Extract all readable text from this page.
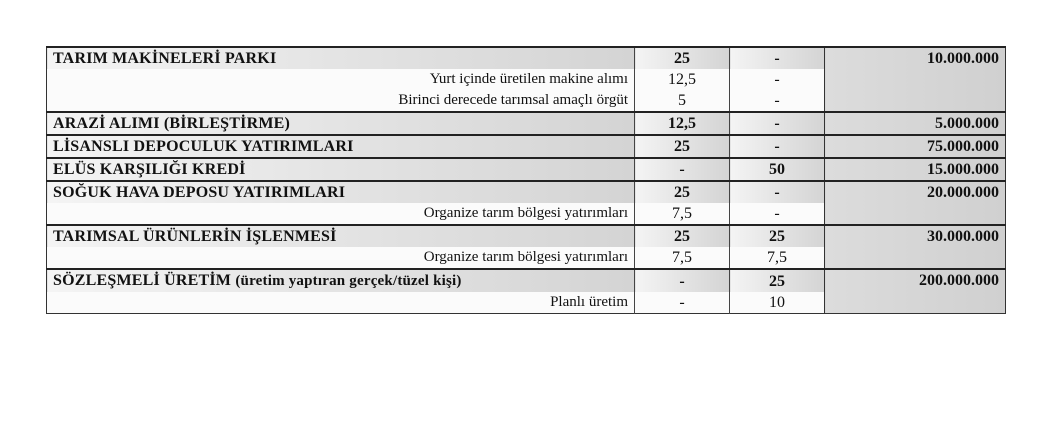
TARIM MAKİNELERİ PARKI	25	-	10.000.000
Yurt içinde üretilen makine alımı	12,5	-	
Birinci derecede tarımsal amaçlı örgüt	5	-	
ARAZİ ALIMI (BİRLEŞTİRME)	12,5	-	5.000.000
LİSANSLI DEPOCULUK YATIRIMLARI	25	-	75.000.000
ELÜS KARŞILIĞI KREDİ	-	50	15.000.000
SOĞUK HAVA DEPOSU YATIRIMLARI	25	-	20.000.000
Organize tarım bölgesi yatırımları	7,5	-	
TARIMSAL ÜRÜNLERİN İŞLENMESİ	25	25	30.000.000
Organize tarım bölgesi yatırımları	7,5	7,5	
SÖZLEŞMELİ ÜRETİM (üretim yaptıran gerçek/tüzel kişi)	-	25	200.000.000
Planlı üretim	-	10	
